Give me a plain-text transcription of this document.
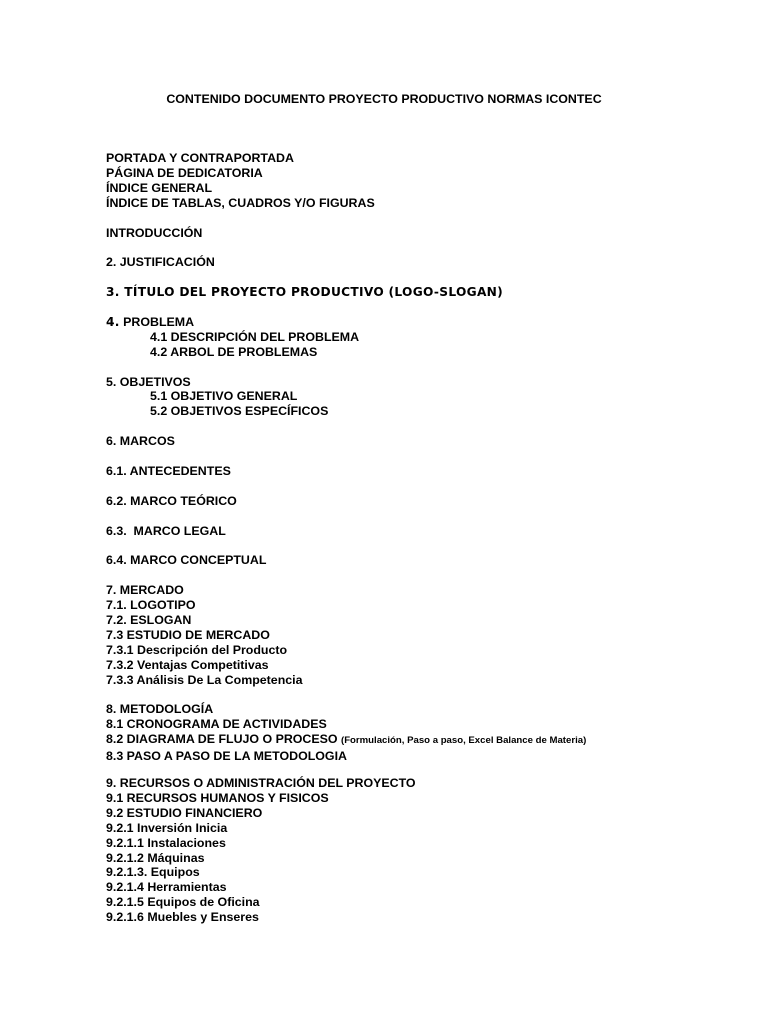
CONTENIDO DOCUMENTO PROYECTO PRODUCTIVO NORMAS ICONTEC
PORTADA Y CONTRAPORTADA
PÁGINA DE DEDICATORIA
ÍNDICE GENERAL
ÍNDICE DE TABLAS, CUADROS Y/O FIGURAS
INTRODUCCIÓN
2. JUSTIFICACIÓN
3. TÍTULO DEL PROYECTO PRODUCTIVO (LOGO-SLOGAN)
4. PROBLEMA
4.1 DESCRIPCIÓN DEL PROBLEMA
4.2 ARBOL DE PROBLEMAS
5. OBJETIVOS
5.1 OBJETIVO GENERAL
5.2 OBJETIVOS ESPECÍFICOS
6. MARCOS
6.1. ANTECEDENTES
6.2. MARCO TEÓRICO
6.3.  MARCO LEGAL
6.4. MARCO CONCEPTUAL
7. MERCADO
7.1. LOGOTIPO
7.2. ESLOGAN
7.3 ESTUDIO DE MERCADO
7.3.1 Descripción del Producto
7.3.2 Ventajas Competitivas
7.3.3 Análisis De La Competencia
8. METODOLOGÍA
8.1 CRONOGRAMA DE ACTIVIDADES
8.2 DIAGRAMA DE FLUJO O PROCESO (Formulación, Paso a paso, Excel Balance de Materia)
8.3 PASO A PASO DE LA METODOLOGIA
9. RECURSOS O ADMINISTRACIÓN DEL PROYECTO
9.1 RECURSOS HUMANOS Y FISICOS
9.2 ESTUDIO FINANCIERO
9.2.1 Inversión Inicia
9.2.1.1 Instalaciones
9.2.1.2 Máquinas
9.2.1.3. Equipos
9.2.1.4 Herramientas
9.2.1.5 Equipos de Oficina
9.2.1.6 Muebles y Enseres
